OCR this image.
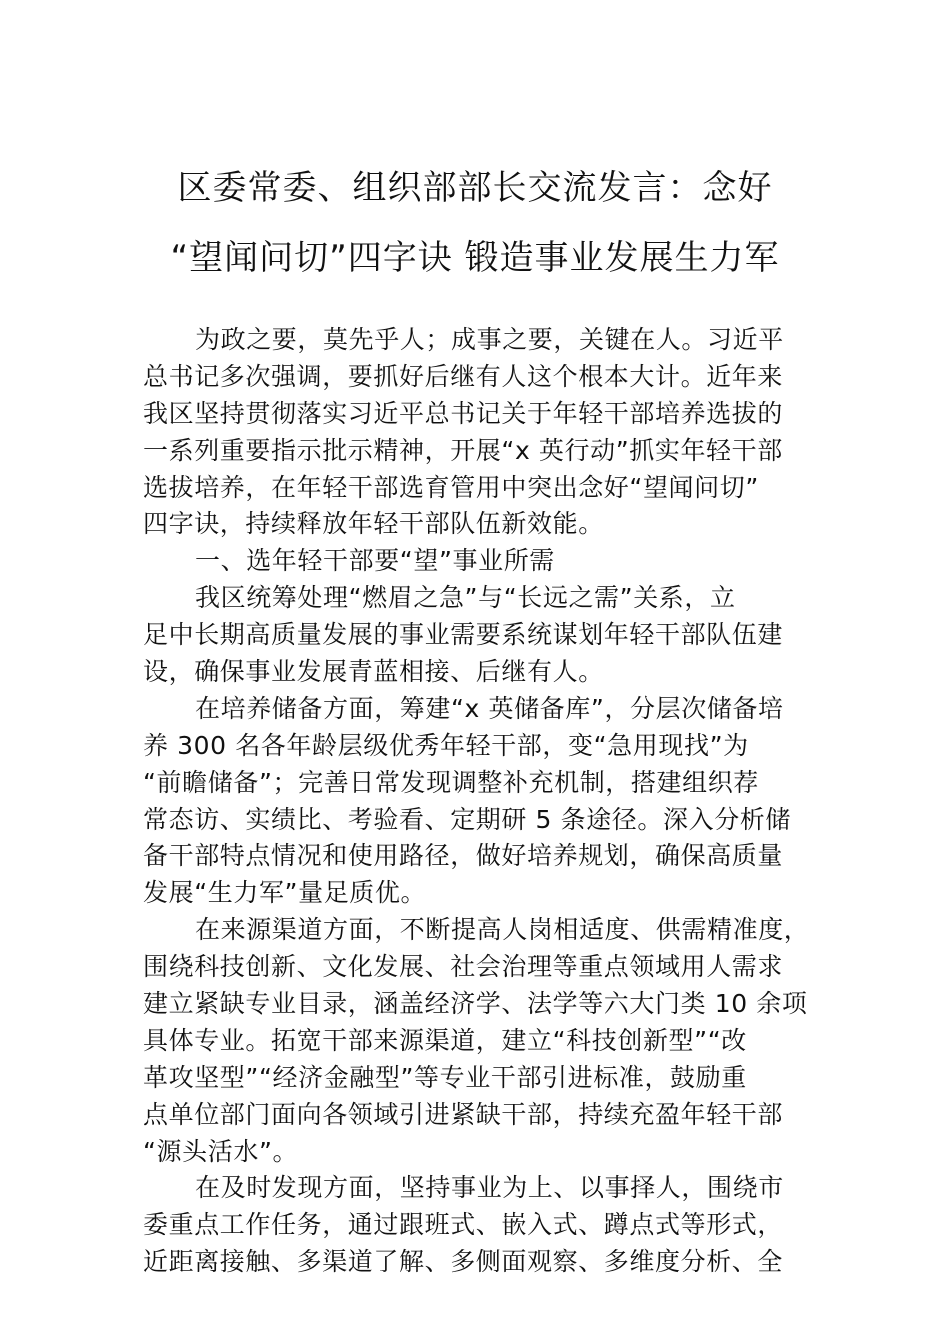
区委常委、组织部部长交流发言：念好
“望闻问切”四字诀 锻造事业发展生力军
为政之要，莫先乎人；成事之要，关键在人。习近平
总书记多次强调，要抓好后继有人这个根本大计。近年来
我区坚持贯彻落实习近平总书记关于年轻干部培养选拔的
一系列重要指示批示精神，开展“x 英行动”抓实年轻干部
选拔培养，在年轻干部选育管用中突出念好“望闻问切”
四字诀，持续释放年轻干部队伍新效能。
一、选年轻干部要“望”事业所需
我区统筹处理“燃眉之急”与“长远之需”关系，立
足中长期高质量发展的事业需要系统谋划年轻干部队伍建
设，确保事业发展青蓝相接、后继有人。
在培养储备方面，筹建“x 英储备库”，分层次储备培
养 300 名各年龄层级优秀年轻干部，变“急用现找”为
“前瞻储备”；完善日常发现调整补充机制，搭建组织荐
常态访、实绩比、考验看、定期研 5 条途径。深入分析储
备干部特点情况和使用路径，做好培养规划，确保高质量
发展“生力军”量足质优。
在来源渠道方面，不断提高人岗相适度、供需精准度，
围绕科技创新、文化发展、社会治理等重点领域用人需求
建立紧缺专业目录，涵盖经济学、法学等六大门类 10 余项
具体专业。拓宽干部来源渠道，建立“科技创新型”“改
革攻坚型”“经济金融型”等专业干部引进标准，鼓励重
点单位部门面向各领域引进紧缺干部，持续充盈年轻干部
“源头活水”。
在及时发现方面，坚持事业为上、以事择人，围绕市
委重点工作任务，通过跟班式、嵌入式、蹲点式等形式，
近距离接触、多渠道了解、多侧面观察、多维度分析、全
